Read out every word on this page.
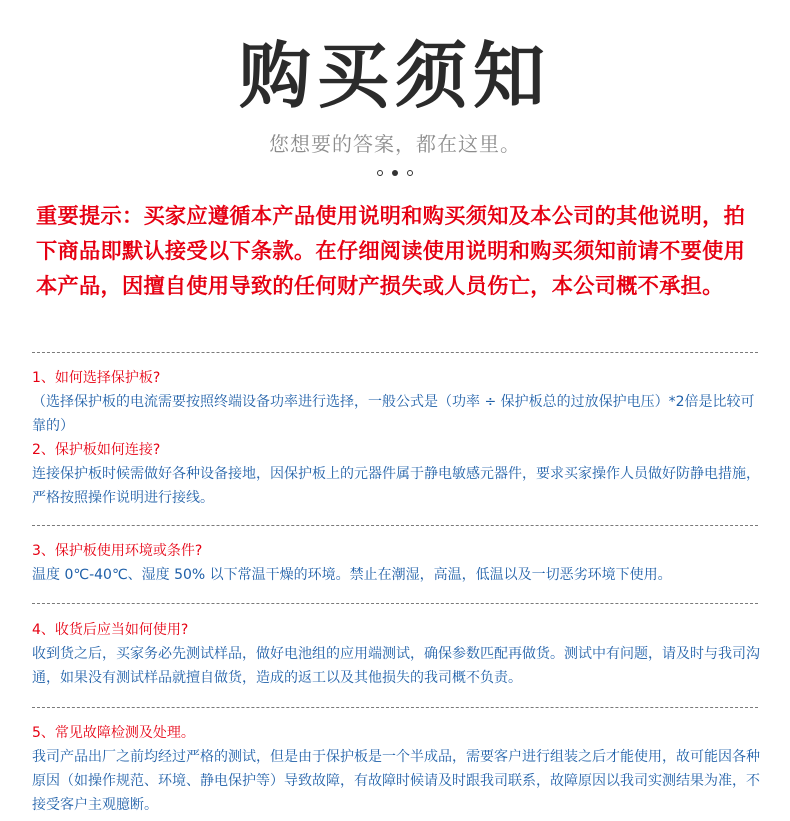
购买须知
您想要的答案，都在这里。
重要提示：买家应遵循本产品使用说明和购买须知及本公司的其他说明，拍下商品即默认接受以下条款。在仔细阅读使用说明和购买须知前请不要使用本产品，因擅自使用导致的任何财产损失或人员伤亡，本公司概不承担。
1、如何选择保护板?
（选择保护板的电流需要按照终端设备功率进行选择，一般公式是（功率 ÷ 保护板总的过放保护电压）*2倍是比较可靠的）
2、保护板如何连接?
连接保护板时候需做好各种设备接地，因保护板上的元器件属于静电敏感元器件，要求买家操作人员做好防静电措施，严格按照操作说明进行接线。
3、保护板使用环境或条件?
温度 0℃-40℃、湿度 50% 以下常温干燥的环境。禁止在潮湿，高温，低温以及一切恶劣环境下使用。
4、收货后应当如何使用?
收到货之后，买家务必先测试样品，做好电池组的应用端测试，确保参数匹配再做货。测试中有问题，请及时与我司沟通，如果没有测试样品就擅自做货，造成的返工以及其他损失的我司概不负责。
5、常见故障检测及处理。
我司产品出厂之前均经过严格的测试，但是由于保护板是一个半成品，需要客户进行组装之后才能使用，故可能因各种原因（如操作规范、环境、静电保护等）导致故障，有故障时候请及时跟我司联系，故障原因以我司实测结果为准，不接受客户主观臆断。
